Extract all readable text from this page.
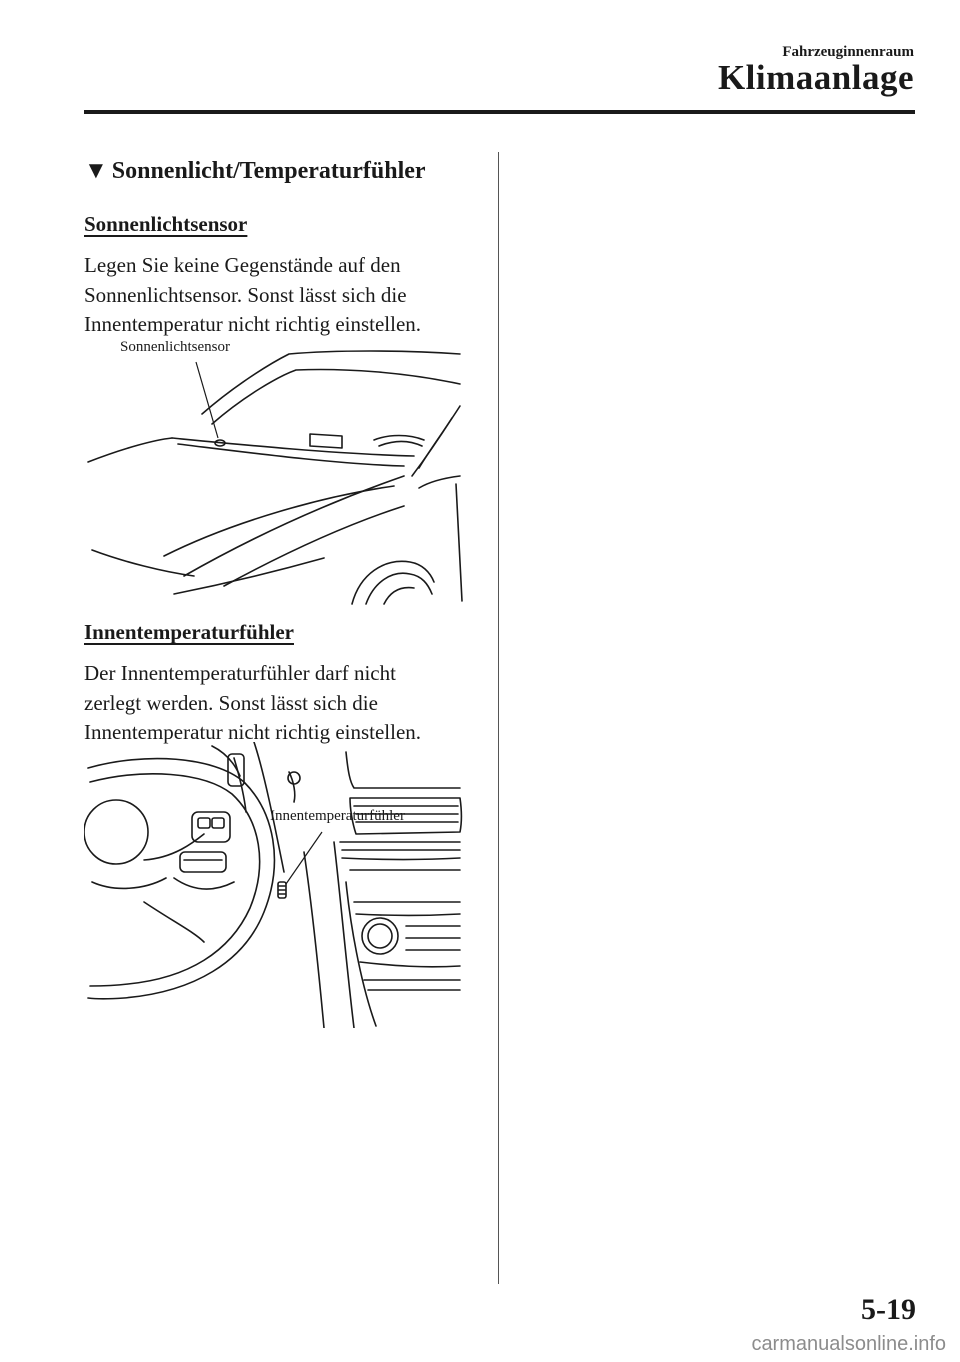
Fahrzeuginnenraum
Klimaanlage
▼ Sonnenlicht/Temperaturfühler
Sonnenlichtsensor

Legen Sie keine Gegenstände auf den
Sonnenlichtsensor. Sonst lässt sich die
Innentemperatur nicht richtig einstellen.

Sonnenlichtsensor
Innentemperaturfühler

Der Innentemperaturfühler darf nicht
zerlegt werden. Sonst lässt sich die
Innentemperatur nicht richtig einstellen.

Innentemperaturfühler
5-19
carmanualsonline.info
